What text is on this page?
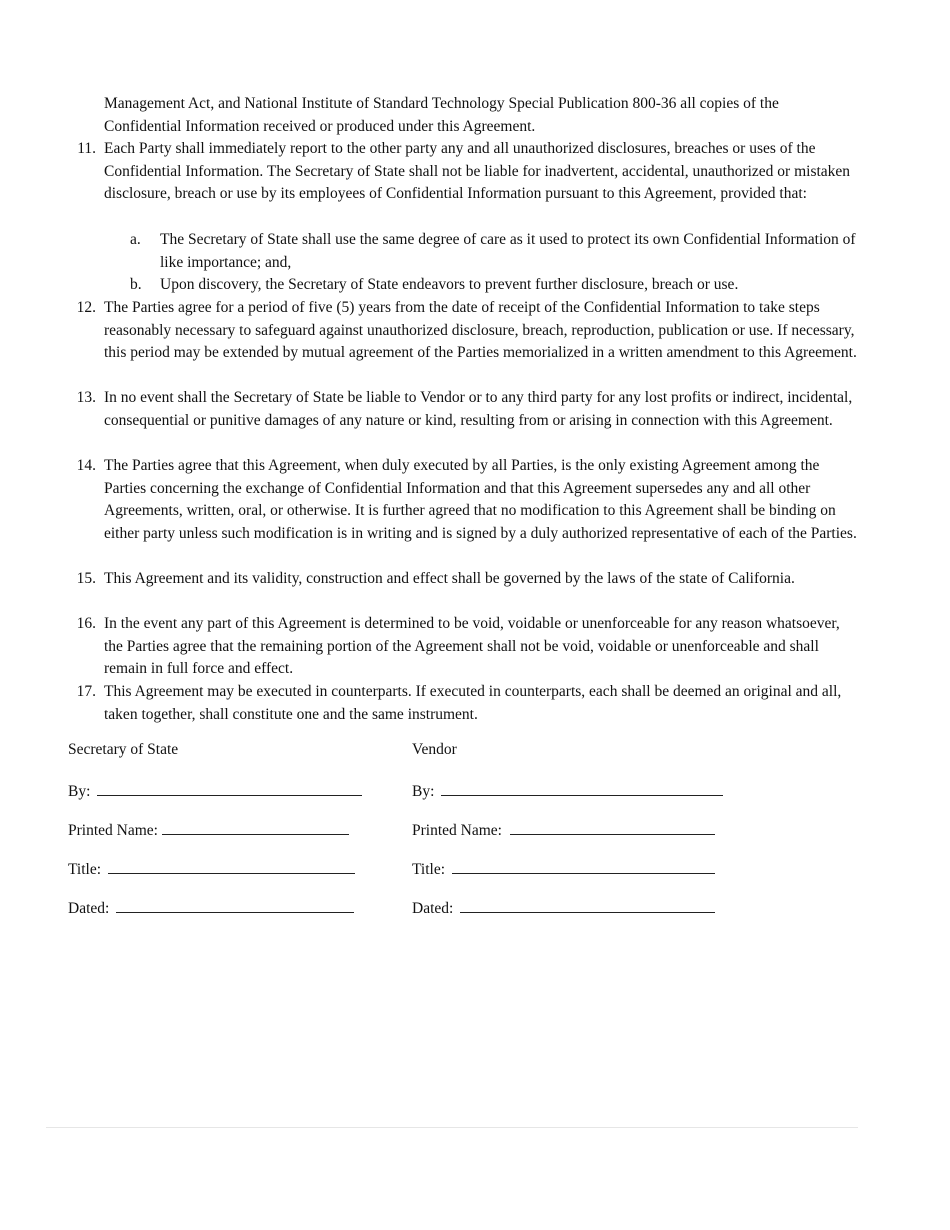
Management Act, and National Institute of Standard Technology Special Publication 800-36 all copies of the Confidential Information received or produced under this Agreement.

11. Each Party shall immediately report to the other party any and all unauthorized disclosures, breaches or uses of the Confidential Information. The Secretary of State shall not be liable for inadvertent, accidental, unauthorized or mistaken disclosure, breach or use by its employees of Confidential Information pursuant to this Agreement, provided that:
a. The Secretary of State shall use the same degree of care as it used to protect its own Confidential Information of like importance; and,
b. Upon discovery, the Secretary of State endeavors to prevent further disclosure, breach or use.
12. The Parties agree for a period of five (5) years from the date of receipt of the Confidential Information to take steps reasonably necessary to safeguard against unauthorized disclosure, breach, reproduction, publication or use. If necessary, this period may be extended by mutual agreement of the Parties memorialized in a written amendment to this Agreement.
13. In no event shall the Secretary of State be liable to Vendor or to any third party for any lost profits or indirect, incidental, consequential or punitive damages of any nature or kind, resulting from or arising in connection with this Agreement.
14. The Parties agree that this Agreement, when duly executed by all Parties, is the only existing Agreement among the Parties concerning the exchange of Confidential Information and that this Agreement supersedes any and all other Agreements, written, oral, or otherwise. It is further agreed that no modification to this Agreement shall be binding on either party unless such modification is in writing and is signed by a duly authorized representative of each of the Parties.
15. This Agreement and its validity, construction and effect shall be governed by the laws of the state of California.
16. In the event any part of this Agreement is determined to be void, voidable or unenforceable for any reason whatsoever, the Parties agree that the remaining portion of the Agreement shall not be void, voidable or unenforceable and shall remain in full force and effect.
17. This Agreement may be executed in counterparts. If executed in counterparts, each shall be deemed an original and all, taken together, shall constitute one and the same instrument.
Secretary of State
By:
Printed Name:
Title:
Dated:
Vendor
By:
Printed Name:
Title:
Dated:
